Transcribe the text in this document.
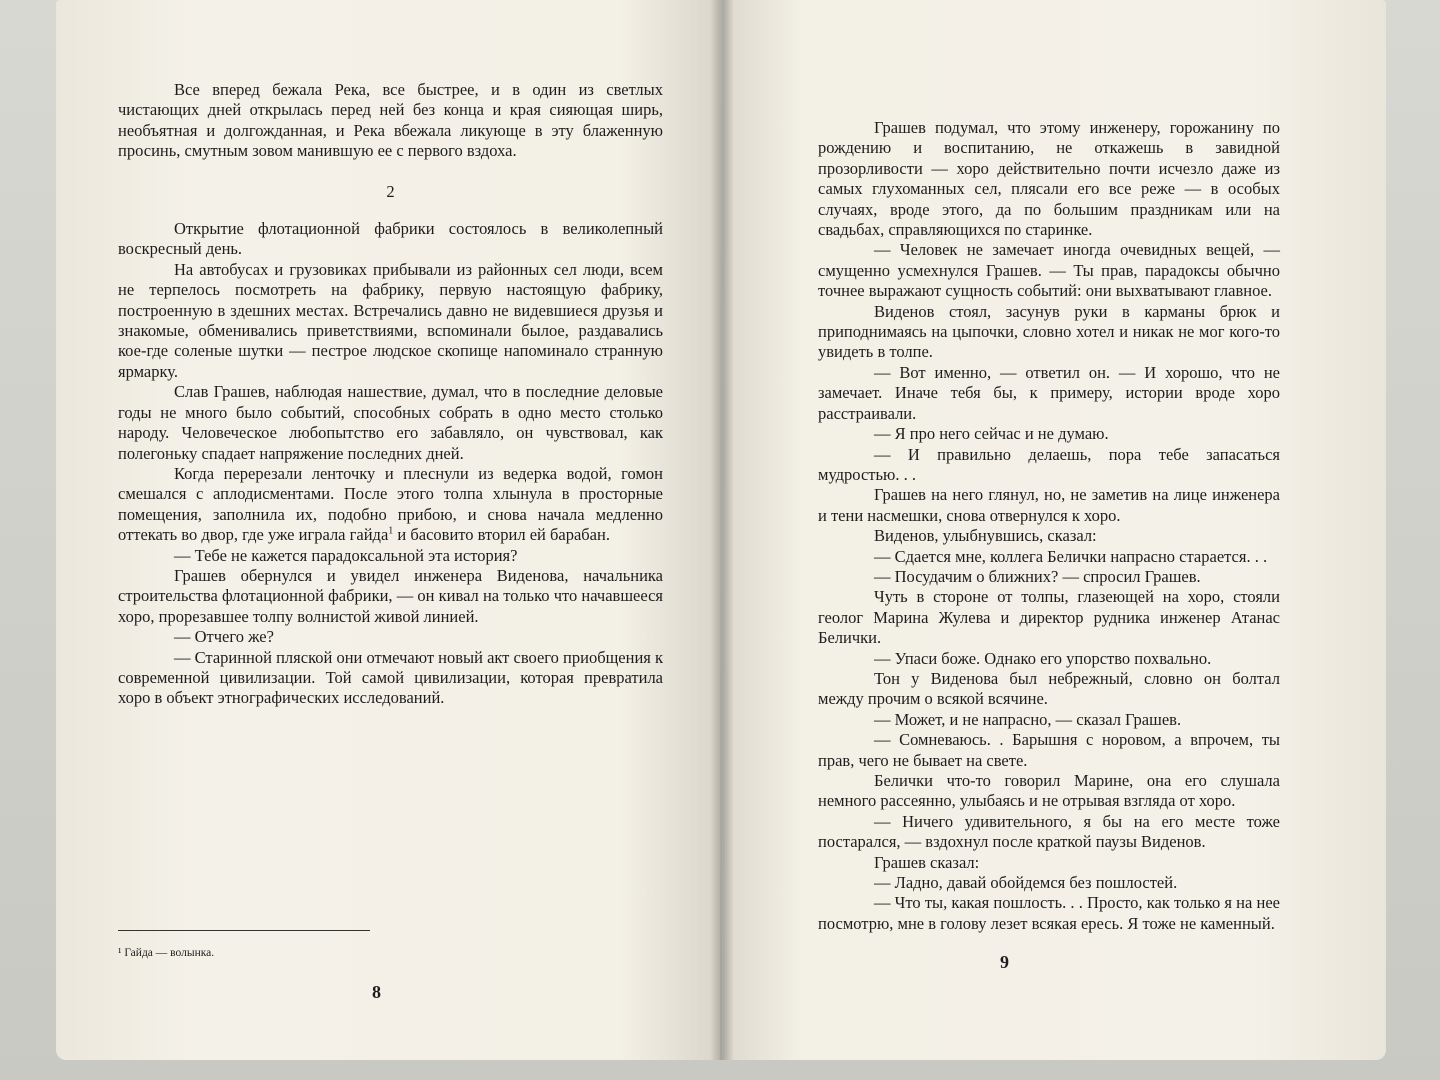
Все вперед бежала Река, все быстрее, и в один из светлых чистающих дней открылась перед ней без конца и края сияющая ширь, необъятная и долгожданная, и Река вбежала ликующе в эту блаженную просинь, смутным зовом манившую ее с первого вздоха.

2

Открытие флотационной фабрики состоялось в великолепный воскресный день.

На автобусах и грузовиках прибывали из районных сел люди, всем не терпелось посмотреть на фабрику, первую настоящую фабрику, построенную в здешних местах. Встречались давно не видевшиеся друзья и знакомые, обменивались приветствиями, вспоминали былое, раздавались кое-где соленые шутки — пестрое людское скопище напоминало странную ярмарку.

Слав Грашев, наблюдая нашествие, думал, что в последние деловые годы не много было событий, способных собрать в одно место столько народу. Человеческое любопытство его забавляло, он чувствовал, как полегоньку спадает напряжение последних дней.

Когда перерезали ленточку и плеснули из ведерка водой, гомон смешался с аплодисментами. После этого толпа хлынула в просторные помещения, заполнила их, подобно прибою, и снова начала медленно оттекать во двор, где уже играла гайда$^1$ и басовито вторил ей барабан.

— Тебе не кажется парадоксальной эта история?

Грашев обернулся и увидел инженера Виденова, начальника строительства флотационной фабрики, — он кивал на только что начавшееся хоро, прорезавшее толпу волнистой живой линией.

— Отчего же?

— Старинной пляской они отмечают новый акт своего приобщения к современной цивилизации. Той самой цивилизации, которая превратила хоро в объект этнографических исследований.

¹ Гайда — волынка.
8

Грашев подумал, что этому инженеру, горожанину по рождению и воспитанию, не откажешь в завидной прозорливости — хоро действительно почти исчезло даже из самых глухоманных сел, плясали его все реже — в особых случаях, вроде этого, да по большим праздникам или на свадьбах, справляющихся по старинке.

— Человек не замечает иногда очевидных вещей, — смущенно усмехнулся Грашев. — Ты прав, парадоксы обычно точнее выражают сущность событий: они выхватывают главное.

Виденов стоял, засунув руки в карманы брюк и приподнимаясь на цыпочки, словно хотел и никак не мог кого-то увидеть в толпе.

— Вот именно, — ответил он. — И хорошо, что не замечает. Иначе тебя бы, к примеру, истории вроде хоро расстраивали.

— Я про него сейчас и не думаю.

— И правильно делаешь, пора тебе запасаться мудростью. . .

Грашев на него глянул, но, не заметив на лице инженера и тени насмешки, снова отвернулся к хоро.

Виденов, улыбнувшись, сказал:

— Сдается мне, коллега Белички напрасно старается. . .

— Посудачим о ближних? — спросил Грашев.

Чуть в стороне от толпы, глазеющей на хоро, стояли геолог Марина Жулева и директор рудника инженер Атанас Белички.

— Упаси боже. Однако его упорство похвально.

Тон у Виденова был небрежный, словно он болтал между прочим о всякой всячине.

— Может, и не напрасно, — сказал Грашев.

— Сомневаюсь. . Барышня с норовом, а впрочем, ты прав, чего не бывает на свете.

Белички что-то говорил Марине, она его слушала немного рассеянно, улыбаясь и не отрывая взгляда от хоро.

— Ничего удивительного, я бы на его месте тоже постарался, — вздохнул после краткой паузы Виденов.

Грашев сказал:

— Ладно, давай обойдемся без пошлостей.

— Что ты, какая пошлость. . . Просто, как только я на нее посмотрю, мне в голову лезет всякая ересь. Я тоже не каменный.

9
